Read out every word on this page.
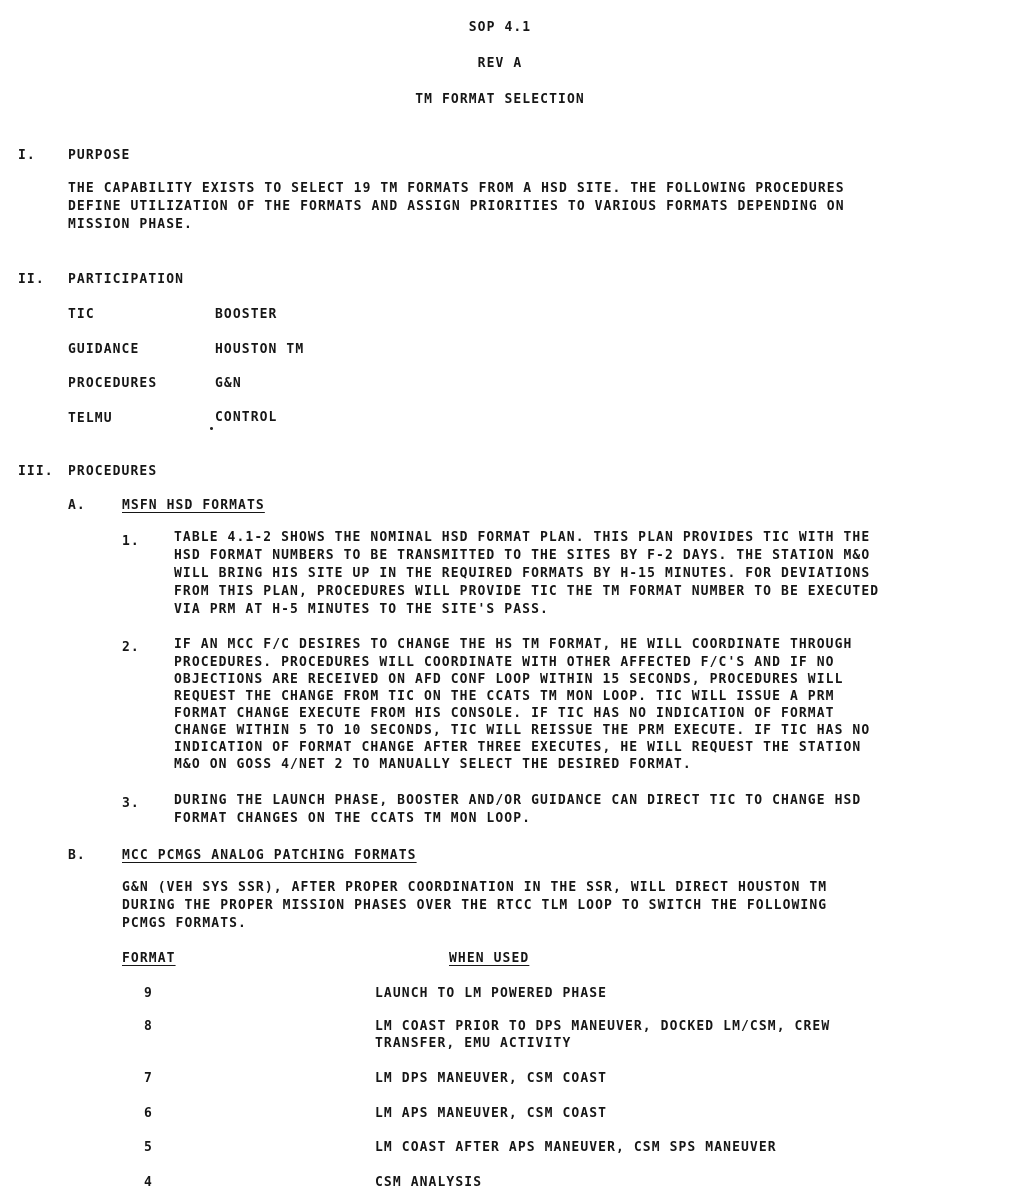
SOP 4.1
REV A
TM FORMAT SELECTION
I. PURPOSE
THE CAPABILITY EXISTS TO SELECT 19 TM FORMATS FROM A HSD SITE. THE FOLLOWING PROCEDURES
DEFINE UTILIZATION OF THE FORMATS AND ASSIGN PRIORITIES TO VARIOUS FORMATS DEPENDING ON
MISSION PHASE.
II. PARTICIPATION
TIC	BOOSTER
GUIDANCE	HOUSTON TM
PROCEDURES	G&N
TELMU	CONTROL
III. PROCEDURES
A.	MSFN HSD FORMATS
1.	TABLE 4.1-2 SHOWS THE NOMINAL HSD FORMAT PLAN. THIS PLAN PROVIDES TIC WITH THE
HSD FORMAT NUMBERS TO BE TRANSMITTED TO THE SITES BY F-2 DAYS. THE STATION M&O
WILL BRING HIS SITE UP IN THE REQUIRED FORMATS BY H-15 MINUTES. FOR DEVIATIONS
FROM THIS PLAN, PROCEDURES WILL PROVIDE TIC THE TM FORMAT NUMBER TO BE EXECUTED
VIA PRM AT H-5 MINUTES TO THE SITE'S PASS.
2.	IF AN MCC F/C DESIRES TO CHANGE THE HS TM FORMAT, HE WILL COORDINATE THROUGH
PROCEDURES. PROCEDURES WILL COORDINATE WITH OTHER AFFECTED F/C'S AND IF NO
OBJECTIONS ARE RECEIVED ON AFD CONF LOOP WITHIN 15 SECONDS, PROCEDURES WILL
REQUEST THE CHANGE FROM TIC ON THE CCATS TM MON LOOP. TIC WILL ISSUE A PRM
FORMAT CHANGE EXECUTE FROM HIS CONSOLE. IF TIC HAS NO INDICATION OF FORMAT
CHANGE WITHIN 5 TO 10 SECONDS, TIC WILL REISSUE THE PRM EXECUTE. IF TIC HAS NO
INDICATION OF FORMAT CHANGE AFTER THREE EXECUTES, HE WILL REQUEST THE STATION
M&O ON GOSS 4/NET 2 TO MANUALLY SELECT THE DESIRED FORMAT.
3.	DURING THE LAUNCH PHASE, BOOSTER AND/OR GUIDANCE CAN DIRECT TIC TO CHANGE HSD
FORMAT CHANGES ON THE CCATS TM MON LOOP.
B.	MCC PCMGS ANALOG PATCHING FORMATS
G&N (VEH SYS SSR), AFTER PROPER COORDINATION IN THE SSR, WILL DIRECT HOUSTON TM
DURING THE PROPER MISSION PHASES OVER THE RTCC TLM LOOP TO SWITCH THE FOLLOWING
PCMGS FORMATS.
FORMAT	WHEN USED
9	LAUNCH TO LM POWERED PHASE
8	LM COAST PRIOR TO DPS MANEUVER, DOCKED LM/CSM, CREW
TRANSFER, EMU ACTIVITY
7	LM DPS MANEUVER, CSM COAST
6	LM APS MANEUVER, CSM COAST
5	LM COAST AFTER APS MANEUVER, CSM SPS MANEUVER
4	CSM ANALYSIS
